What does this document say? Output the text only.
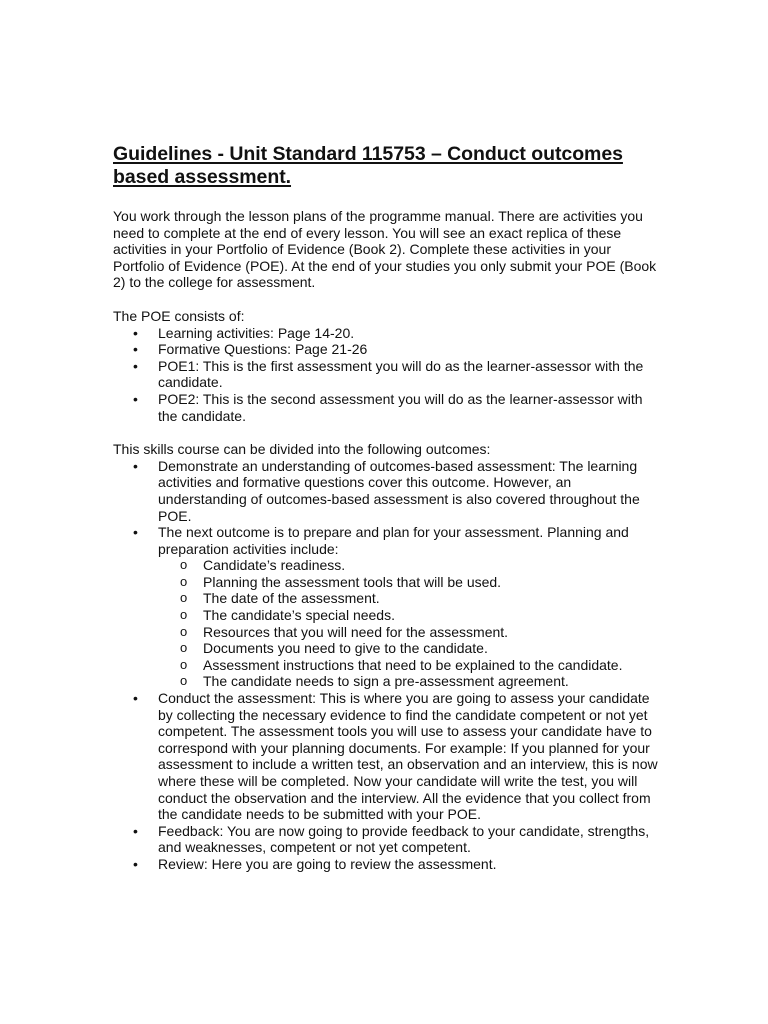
Guidelines - Unit Standard 115753 – Conduct outcomes based assessment.

You work through the lesson plans of the programme manual. There are activities you need to complete at the end of every lesson. You will see an exact replica of these activities in your Portfolio of Evidence (Book 2). Complete these activities in your Portfolio of Evidence (POE). At the end of your studies you only submit your POE (Book 2) to the college for assessment.

The POE consists of:

• Learning activities: Page 14-20.
• Formative Questions: Page 21-26
• POE1: This is the first assessment you will do as the learner-assessor with the candidate.
• POE2: This is the second assessment you will do as the learner-assessor with the candidate.

This skills course can be divided into the following outcomes:

• Demonstrate an understanding of outcomes-based assessment: The learning activities and formative questions cover this outcome. However, an understanding of outcomes-based assessment is also covered throughout the POE.
• The next outcome is to prepare and plan for your assessment. Planning and preparation activities include:
o Candidate’s readiness.
o Planning the assessment tools that will be used.
o The date of the assessment.
o The candidate’s special needs.
o Resources that you will need for the assessment.
o Documents you need to give to the candidate.
o Assessment instructions that need to be explained to the candidate.
o The candidate needs to sign a pre-assessment agreement.
• Conduct the assessment: This is where you are going to assess your candidate by collecting the necessary evidence to find the candidate competent or not yet competent. The assessment tools you will use to assess your candidate have to correspond with your planning documents. For example: If you planned for your assessment to include a written test, an observation and an interview, this is now where these will be completed. Now your candidate will write the test, you will conduct the observation and the interview. All the evidence that you collect from the candidate needs to be submitted with your POE.
• Feedback: You are now going to provide feedback to your candidate, strengths, and weaknesses, competent or not yet competent.
• Review: Here you are going to review the assessment.
